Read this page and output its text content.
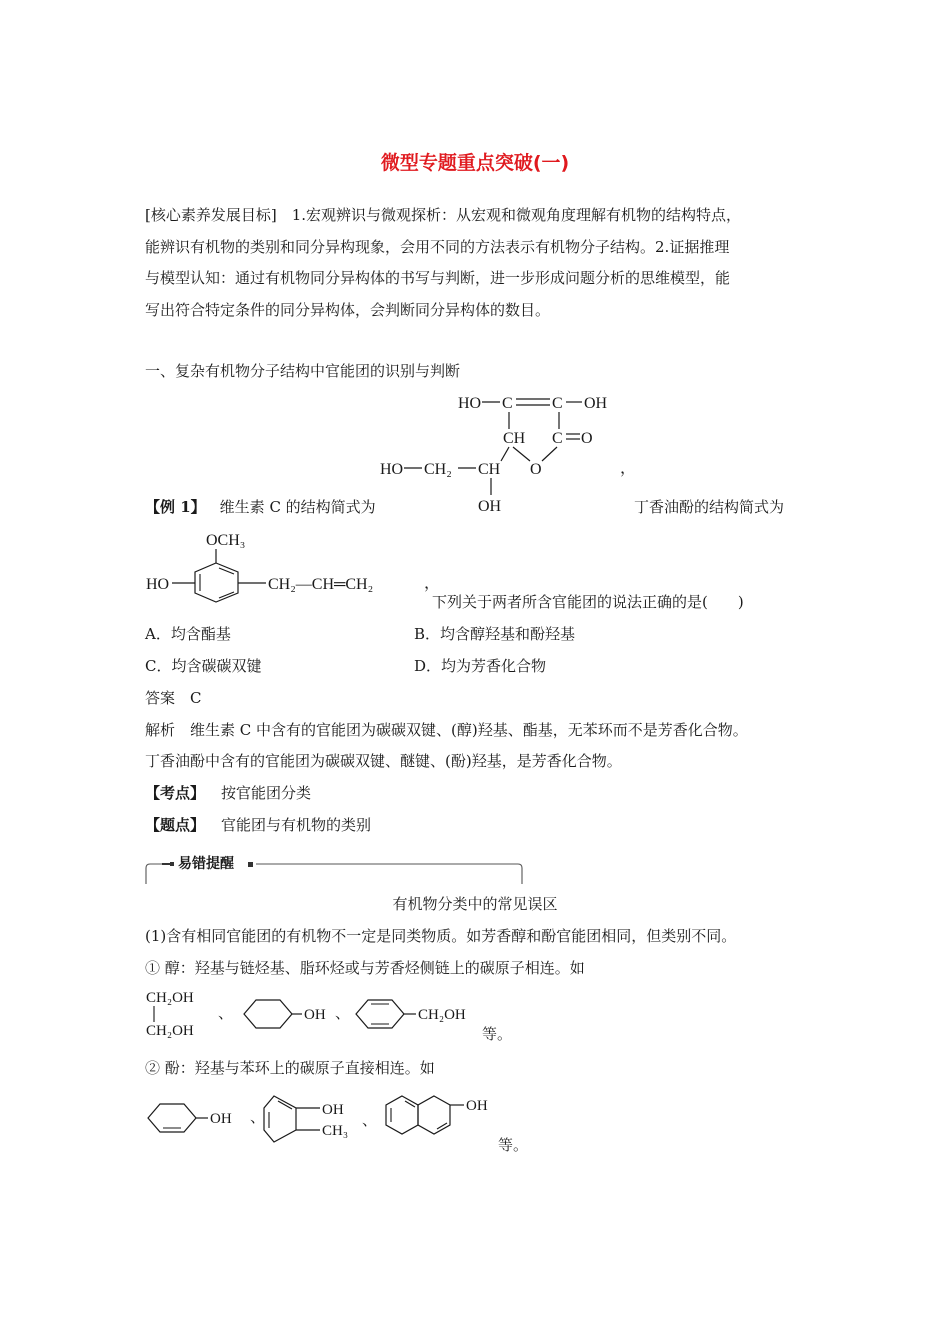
微型专题重点突破(一)
[核心素养发展目标]　1.宏观辨识与微观探析：从宏观和微观角度理解有机物的结构特点，
能辨识有机物的类别和同分异构现象，会用不同的方法表示有机物分子结构。2.证据推理
与模型认知：通过有机物同分异构体的书写与判断，进一步形成问题分析的思维模型，能
写出符合特定条件的同分异构体，会判断同分异构体的数目。
一、复杂有机物分子结构中官能团的识别与判断
HO C C OH
CH C O
HO CH₂ CH O
OH
，
【例 1】 维生素 C 的结构简式为	丁香油酚的结构简式为
OCH₃
HO	CH₂—CH═CH₂	，
下列关于两者所含官能团的说法正确的是(　　)
A．均含酯基	B．均含醇羟基和酚羟基
C．均含碳碳双键	D．均为芳香化合物
答案　C
解析　维生素 C 中含有的官能团为碳碳双键、(醇)羟基、酯基，无苯环而不是芳香化合物。
丁香油酚中含有的官能团为碳碳双键、醚键、(酚)羟基，是芳香化合物。
【考点】 按官能团分类
【题点】 官能团与有机物的类别
易错提醒
有机物分类中的常见误区
(1)含有相同官能团的有机物不一定是同类物质。如芳香醇和酚官能团相同，但类别不同。
① 醇：羟基与链烃基、脂环烃或与芳香烃侧链上的碳原子相连。如
CH₂OH
CH₂OH
、	OH 、	CH₂OH
等。
② 酚：羟基与苯环上的碳原子直接相连。如
OH 、	OH
CH₃
、
OH
等。
